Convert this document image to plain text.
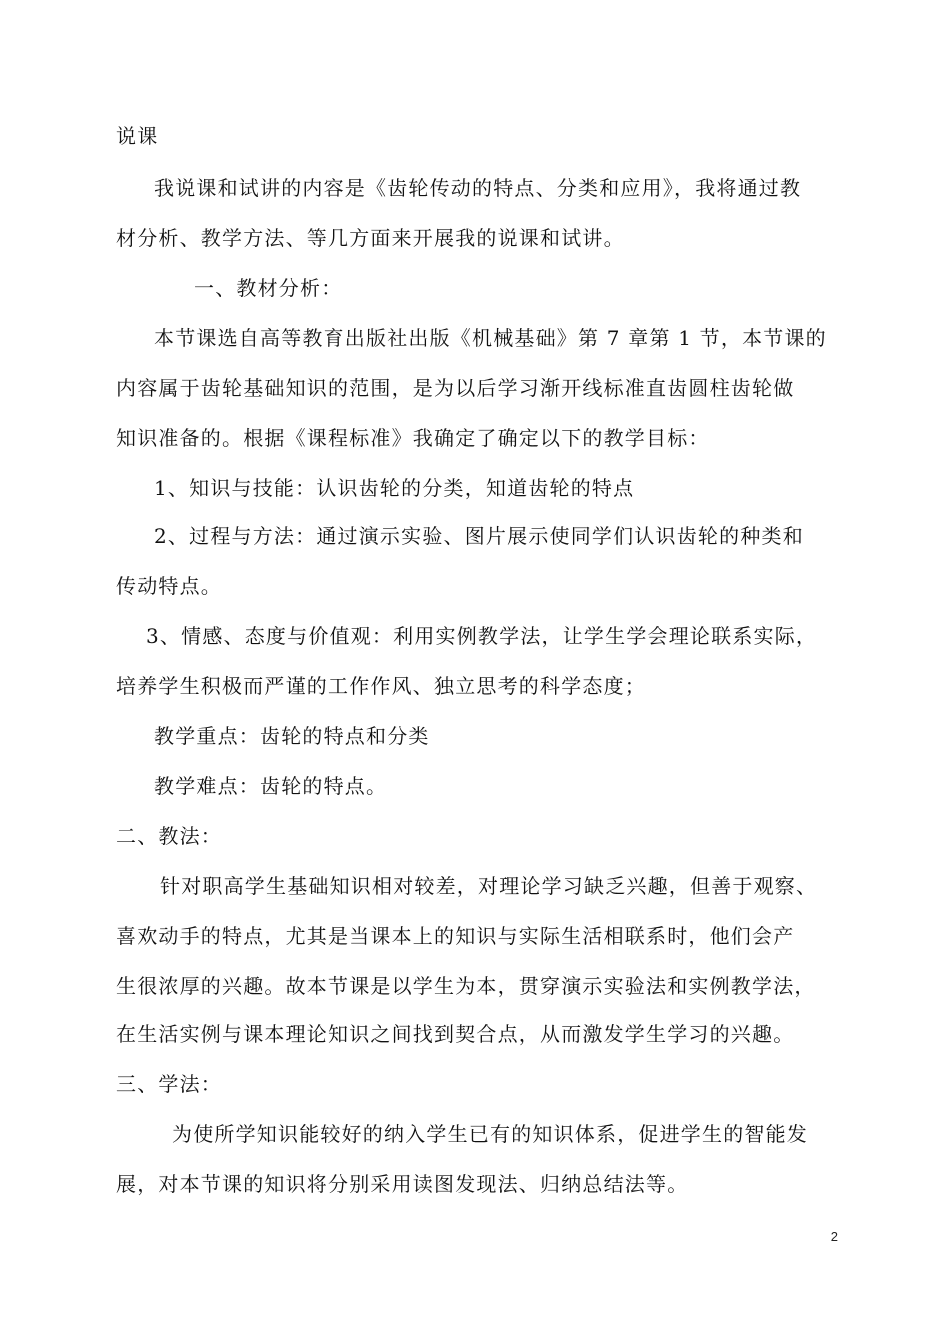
说课
我说课和试讲的内容是《齿轮传动的特点、分类和应用》，我将通过教
材分析、教学方法、等几方面来开展我的说课和试讲。
一、教材分析：
本节课选自高等教育出版社出版《机械基础》第 7 章第 1 节，本节课的
内容属于齿轮基础知识的范围，是为以后学习渐开线标准直齿圆柱齿轮做
知识准备的。根据《课程标准》我确定了确定以下的教学目标：
1、知识与技能：认识齿轮的分类，知道齿轮的特点
2、过程与方法：通过演示实验、图片展示使同学们认识齿轮的种类和
传动特点。
3、情感、态度与价值观：利用实例教学法，让学生学会理论联系实际，
培养学生积极而严谨的工作作风、独立思考的科学态度；
教学重点：齿轮的特点和分类
教学难点：齿轮的特点。
二、教法：
针对职高学生基础知识相对较差，对理论学习缺乏兴趣，但善于观察、
喜欢动手的特点，尤其是当课本上的知识与实际生活相联系时，他们会产
生很浓厚的兴趣。故本节课是以学生为本，贯穿演示实验法和实例教学法，
在生活实例与课本理论知识之间找到契合点，从而激发学生学习的兴趣。
三、学法：
为使所学知识能较好的纳入学生已有的知识体系，促进学生的智能发
展，对本节课的知识将分别采用读图发现法、归纳总结法等。
2
